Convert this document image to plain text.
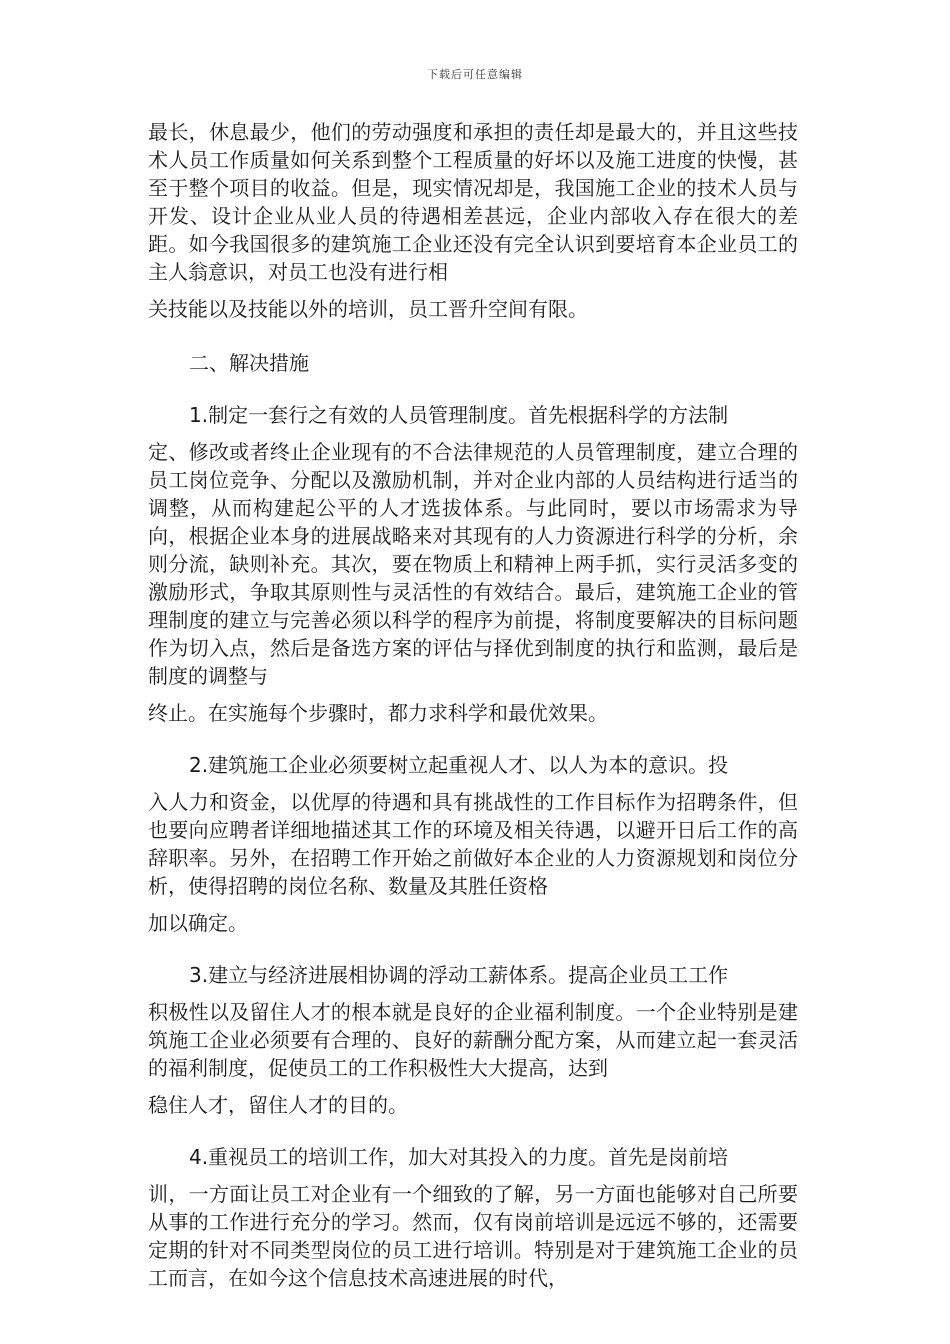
下载后可任意编辑

最长，休息最少，他们的劳动强度和承担的责任却是最大的，并且这些技术人员工作质量如何关系到整个工程质量的好坏以及施工进度的快慢，甚至于整个项目的收益。但是，现实情况却是，我国施工企业的技术人员与开发、设计企业从业人员的待遇相差甚远，企业内部收入存在很大的差距。如今我国很多的建筑施工企业还没有完全认识到要培育本企业员工的主人翁意识，对员工也没有进行相
关技能以及技能以外的培训，员工晋升空间有限。

二、解决措施

1.制定一套行之有效的人员管理制度。首先根据科学的方法制
定、修改或者终止企业现有的不合法律规范的人员管理制度，建立合理的员工岗位竞争、分配以及激励机制，并对企业内部的人员结构进行适当的调整，从而构建起公平的人才选拔体系。与此同时，要以市场需求为导向，根据企业本身的进展战略来对其现有的人力资源进行科学的分析，余则分流，缺则补充。其次，要在物质上和精神上两手抓，实行灵活多变的激励形式，争取其原则性与灵活性的有效结合。最后，建筑施工企业的管理制度的建立与完善必须以科学的程序为前提，将制度要解决的目标问题作为切入点，然后是备选方案的评估与择优到制度的执行和监测，最后是制度的调整与
终止。在实施每个步骤时，都力求科学和最优效果。

2.建筑施工企业必须要树立起重视人才、以人为本的意识。投
入人力和资金，以优厚的待遇和具有挑战性的工作目标作为招聘条件，但也要向应聘者详细地描述其工作的环境及相关待遇，以避开日后工作的高辞职率。另外，在招聘工作开始之前做好本企业的人力资源规划和岗位分析，使得招聘的岗位名称、数量及其胜任资格
加以确定。

3.建立与经济进展相协调的浮动工薪体系。提高企业员工工作
积极性以及留住人才的根本就是良好的企业福利制度。一个企业特别是建筑施工企业必须要有合理的、良好的薪酬分配方案，从而建立起一套灵活的福利制度，促使员工的工作积极性大大提高，达到
稳住人才，留住人才的目的。

4.重视员工的培训工作，加大对其投入的力度。首先是岗前培
训，一方面让员工对企业有一个细致的了解，另一方面也能够对自己所要从事的工作进行充分的学习。然而，仅有岗前培训是远远不够的，还需要定期的针对不同类型岗位的员工进行培训。特别是对于建筑施工企业的员工而言，在如今这个信息技术高速进展的时代，
